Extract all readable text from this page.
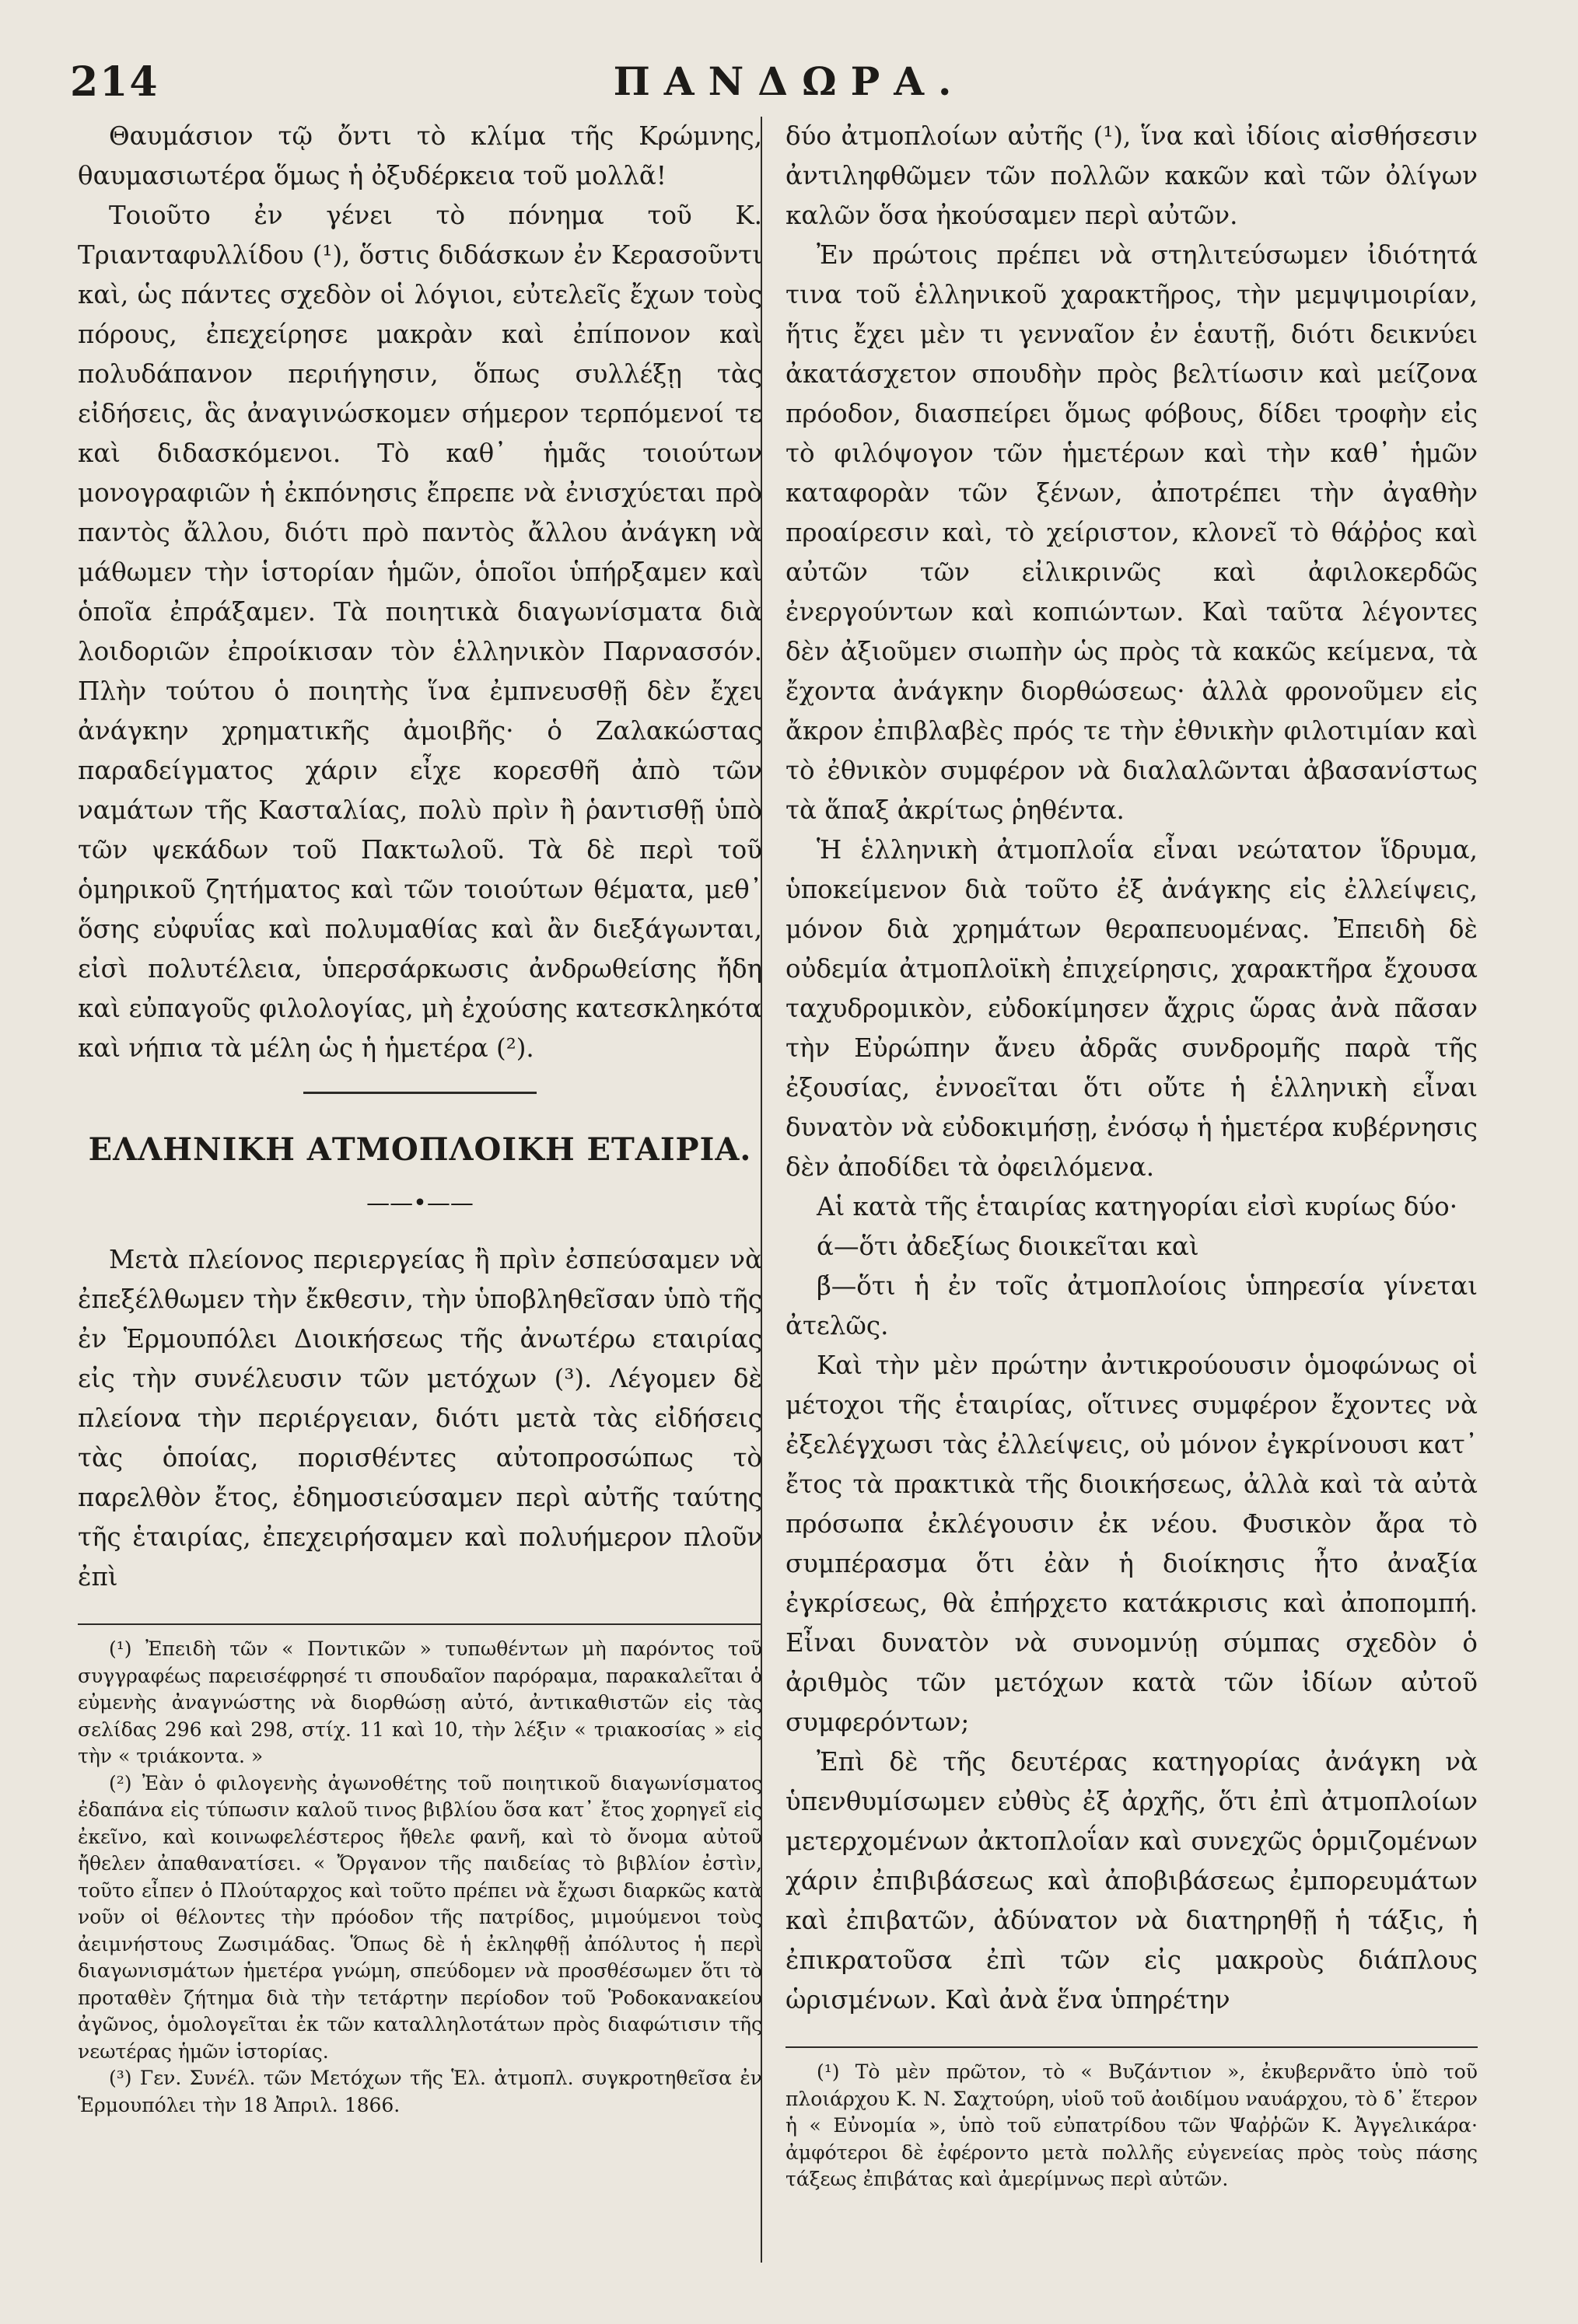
214	ΠΑΝΔΩΡΑ.

Θαυμάσιον τῷ ὄντι τὸ κλίμα τῆς Κρώμνης, θαυμασιωτέρα ὅμως ἡ ὀξυδέρκεια τοῦ μολλᾶ!

Τοιοῦτο ἐν γένει τὸ πόνημα τοῦ Κ. Τριανταφυλλίδου (¹), ὅστις διδάσκων ἐν Κερασοῦντι καὶ, ὡς πάντες σχεδὸν οἱ λόγιοι, εὐτελεῖς ἔχων τοὺς πόρους, ἐπεχείρησε μακρὰν καὶ ἐπίπονον καὶ πολυδάπανον περιήγησιν, ὅπως συλλέξῃ τὰς εἰδήσεις, ἃς ἀναγινώσκομεν σήμερον τερπόμενοί τε καὶ διδασκόμενοι. Τὸ καθ᾽ ἡμᾶς τοιούτων μονογραφιῶν ἡ ἐκπόνησις ἔπρεπε νὰ ἐνισχύεται πρὸ παντὸς ἄλλου, διότι πρὸ παντὸς ἄλλου ἀνάγκη νὰ μάθωμεν τὴν ἱστορίαν ἡμῶν, ὁποῖοι ὑπήρξαμεν καὶ ὁποῖα ἐπράξαμεν. Τὰ ποιητικὰ διαγωνίσματα διὰ λοιδοριῶν ἐπροίκισαν τὸν ἑλληνικὸν Παρνασσόν. Πλὴν τούτου ὁ ποιητὴς ἵνα ἐμπνευσθῇ δὲν ἔχει ἀνάγκην χρηματικῆς ἀμοιβῆς· ὁ Ζαλακώστας παραδείγματος χάριν εἶχε κορεσθῆ ἀπὸ τῶν ναμάτων τῆς Κασταλίας, πολὺ πρὶν ἢ ῥαντισθῇ ὑπὸ τῶν ψεκάδων τοῦ Πακτωλοῦ. Τὰ δὲ περὶ τοῦ ὁμηρικοῦ ζητήματος καὶ τῶν τοιούτων θέματα, μεθ᾽ ὅσης εὐφυΐας καὶ πολυμαθίας καὶ ἂν διεξάγωνται, εἰσὶ πολυτέλεια, ὑπερσάρκωσις ἀνδρωθείσης ἤδη καὶ εὐπαγοῦς φιλολογίας, μὴ ἐχούσης κατεσκληκότα καὶ νήπια τὰ μέλη ὡς ἡ ἡμετέρα (²).

ΕΛΛΗΝΙΚΗ ΑΤΜΟΠΛΟΙΚΗ ΕΤΑΙΡΙΑ.
——•——

Μετὰ πλείονος περιεργείας ἢ πρὶν ἐσπεύσαμεν νὰ ἐπεξέλθωμεν τὴν ἔκθεσιν, τὴν ὑποβληθεῖσαν ὑπὸ τῆς ἐν Ἑρμουπόλει Διοικήσεως τῆς ἀνωτέρω εταιρίας εἰς τὴν συνέλευσιν τῶν μετόχων (³). Λέγομεν δὲ πλείονα τὴν περιέργειαν, διότι μετὰ τὰς εἰδήσεις τὰς ὁποίας, πορισθέντες αὐτοπροσώπως τὸ παρελθὸν ἔτος, ἐδημοσιεύσαμεν περὶ αὐτῆς ταύτης τῆς ἑταιρίας, ἐπεχειρήσαμεν καὶ πολυήμερον πλοῦν ἐπὶ

(¹) Ἐπειδὴ τῶν « Ποντικῶν » τυπωθέντων μὴ παρόντος τοῦ συγγραφέως παρεισέφρησέ τι σπουδαῖον παρόραμα, παρακαλεῖται ὁ εὐμενὴς ἀναγνώστης νὰ διορθώσῃ αὐτό, ἀντικαθιστῶν εἰς τὰς σελίδας 296 καὶ 298, στίχ. 11 καὶ 10, τὴν λέξιν « τριακοσίας » εἰς τὴν « τριάκοντα. »

(²) Ἐὰν ὁ φιλογενὴς ἀγωνοθέτης τοῦ ποιητικοῦ διαγωνίσματος ἐδαπάνα εἰς τύπωσιν καλοῦ τινος βιβλίου ὅσα κατ᾽ ἔτος χορηγεῖ εἰς ἐκεῖνο, καὶ κοινωφελέστερος ἤθελε φανῆ, καὶ τὸ ὄνομα αὐτοῦ ἤθελεν ἀπαθανατίσει. « Ὄργανον τῆς παιδείας τὸ βιβλίον ἐστὶν, τοῦτο εἶπεν ὁ Πλούταρχος καὶ τοῦτο πρέπει νὰ ἔχωσι διαρκῶς κατὰ νοῦν οἱ θέλοντες τὴν πρόοδον τῆς πατρίδος, μιμούμενοι τοὺς ἀειμνήστους Ζωσιμάδας. Ὅπως δὲ ἡ ἐκληφθῇ ἀπόλυτος ἡ περὶ διαγωνισμάτων ἡμετέρα γνώμη, σπεύδομεν νὰ προσθέσωμεν ὅτι τὸ προταθὲν ζήτημα διὰ τὴν τετάρτην περίοδον τοῦ Ῥοδοκανακείου ἀγῶνος, ὁμολογεῖται ἐκ τῶν καταλληλοτάτων πρὸς διαφώτισιν τῆς νεωτέρας ἡμῶν ἱστορίας.

(³) Γεν. Συνέλ. τῶν Μετόχων τῆς Ἑλ. ἀτμοπλ. συγκροτηθεῖσα ἐν Ἑρμουπόλει τὴν 18 Ἀπριλ. 1866.

δύο ἀτμοπλοίων αὐτῆς (¹), ἵνα καὶ ἰδίοις αἰσθήσεσιν ἀντιληφθῶμεν τῶν πολλῶν κακῶν καὶ τῶν ὀλίγων καλῶν ὅσα ἠκούσαμεν περὶ αὐτῶν.

Ἐν πρώτοις πρέπει νὰ στηλιτεύσωμεν ἰδιότητά τινα τοῦ ἑλληνικοῦ χαρακτῆρος, τὴν μεμψιμοιρίαν, ἥτις ἔχει μὲν τι γενναῖον ἐν ἑαυτῇ, διότι δεικνύει ἀκατάσχετον σπουδὴν πρὸς βελτίωσιν καὶ μείζονα πρόοδον, διασπείρει ὅμως φόβους, δίδει τροφὴν εἰς τὸ φιλόψογον τῶν ἡμετέρων καὶ τὴν καθ᾽ ἡμῶν καταφορὰν τῶν ξένων, ἀποτρέπει τὴν ἀγαθὴν προαίρεσιν καὶ, τὸ χείριστον, κλονεῖ τὸ θάῤῥος καὶ αὐτῶν τῶν εἰλικρινῶς καὶ ἀφιλοκερδῶς ἐνεργούντων καὶ κοπιώντων. Καὶ ταῦτα λέγοντες δὲν ἀξιοῦμεν σιωπὴν ὡς πρὸς τὰ κακῶς κείμενα, τὰ ἔχοντα ἀνάγκην διορθώσεως· ἀλλὰ φρονοῦμεν εἰς ἄκρον ἐπιβλαβὲς πρός τε τὴν ἐθνικὴν φιλοτιμίαν καὶ τὸ ἐθνικὸν συμφέρον νὰ διαλαλῶνται ἀβασανίστως τὰ ἅπαξ ἀκρίτως ῥηθέντα.

Ἡ ἑλληνικὴ ἀτμοπλοΐα εἶναι νεώτατον ἵδρυμα, ὑποκείμενον διὰ τοῦτο ἐξ ἀνάγκης εἰς ἐλλείψεις, μόνον διὰ χρημάτων θεραπευομένας. Ἐπειδὴ δὲ οὐδεμία ἀτμοπλοϊκὴ ἐπιχείρησις, χαρακτῆρα ἔχουσα ταχυδρομικὸν, εὐδοκίμησεν ἄχρις ὥρας ἀνὰ πᾶσαν τὴν Εὐρώπην ἄνευ ἀδρᾶς συνδρομῆς παρὰ τῆς ἐξουσίας, ἐννοεῖται ὅτι οὔτε ἡ ἑλληνικὴ εἶναι δυνατὸν νὰ εὐδοκιμήσῃ, ἐνόσῳ ἡ ἡμετέρα κυβέρνησις δὲν ἀποδίδει τὰ ὀφειλόμενα.

Αἱ κατὰ τῆς ἑταιρίας κατηγορίαι εἰσὶ κυρίως δύο·

ά—ὅτι ἀδεξίως διοικεῖται καὶ

β́—ὅτι ἡ ἐν τοῖς ἀτμοπλοίοις ὑπηρεσία γίνεται ἀτελῶς.

Καὶ τὴν μὲν πρώτην ἀντικρούουσιν ὁμοφώνως οἱ μέτοχοι τῆς ἑταιρίας, οἵτινες συμφέρον ἔχοντες νὰ ἐξελέγχωσι τὰς ἐλλείψεις, οὐ μόνον ἐγκρίνουσι κατ᾽ ἔτος τὰ πρακτικὰ τῆς διοικήσεως, ἀλλὰ καὶ τὰ αὐτὰ πρόσωπα ἐκλέγουσιν ἐκ νέου. Φυσικὸν ἄρα τὸ συμπέρασμα ὅτι ἐὰν ἡ διοίκησις ἦτο ἀναξία ἐγκρίσεως, θὰ ἐπήρχετο κατάκρισις καὶ ἀποπομπή. Εἶναι δυνατὸν νὰ συνομνύῃ σύμπας σχεδὸν ὁ ἀριθμὸς τῶν μετόχων κατὰ τῶν ἰδίων αὐτοῦ συμφερόντων;

Ἐπὶ δὲ τῆς δευτέρας κατηγορίας ἀνάγκη νὰ ὑπενθυμίσωμεν εὐθὺς ἐξ ἀρχῆς, ὅτι ἐπὶ ἀτμοπλοίων μετερχομένων ἀκτοπλοΐαν καὶ συνεχῶς ὁρμιζομένων χάριν ἐπιβιβάσεως καὶ ἀποβιβάσεως ἐμπορευμάτων καὶ ἐπιβατῶν, ἀδύνατον νὰ διατηρηθῇ ἡ τάξις, ἡ ἐπικρατοῦσα ἐπὶ τῶν εἰς μακροὺς διάπλους ὡρισμένων. Καὶ ἀνὰ ἕνα ὑπηρέτην

(¹) Τὸ μὲν πρῶτον, τὸ « Βυζάντιον », ἐκυβερνᾶτο ὑπὸ τοῦ πλοιάρχου Κ. Ν. Σαχτούρη, υἱοῦ τοῦ ἀοιδίμου ναυάρχου, τὸ δ᾽ ἕτερον ἡ « Εὐνομία », ὑπὸ τοῦ εὐπατρίδου τῶν Ψαῤῥῶν Κ. Ἀγγελικάρα· ἀμφότεροι δὲ ἐφέροντο μετὰ πολλῆς εὐγενείας πρὸς τοὺς πάσης τάξεως ἐπιβάτας καὶ ἀμερίμνως περὶ αὐτῶν.
